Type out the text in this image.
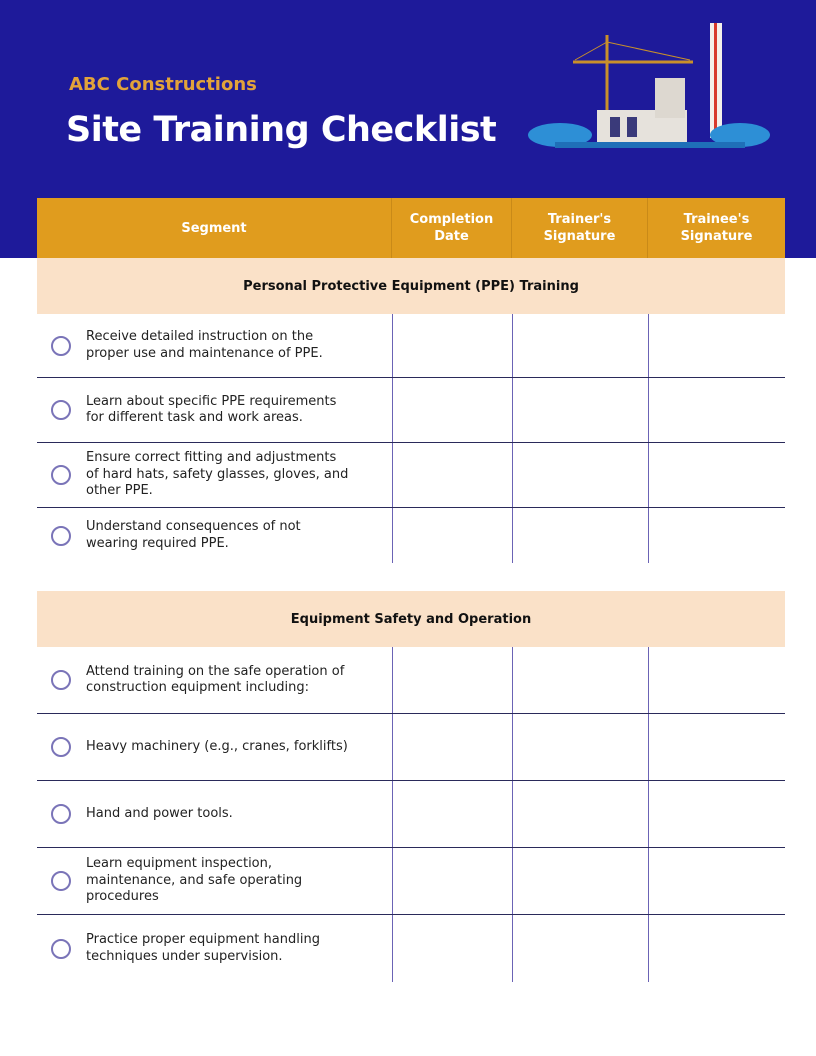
ABC Constructions
Site Training Checklist
Segment
Completion Date
Trainer's Signature
Trainee's Signature
Personal Protective Equipment (PPE) Training
Receive detailed instruction on the proper use and maintenance of PPE.
Learn about specific PPE requirements for different task and work areas.
Ensure correct fitting and adjustments of hard hats, safety glasses, gloves, and other PPE.
Understand consequences of not wearing required PPE.
Equipment Safety and Operation
Attend training on the safe operation of construction equipment including:
Heavy machinery (e.g., cranes, forklifts)
Hand and power tools.
Learn equipment inspection, maintenance, and safe operating procedures
Practice proper equipment handling techniques under supervision.
